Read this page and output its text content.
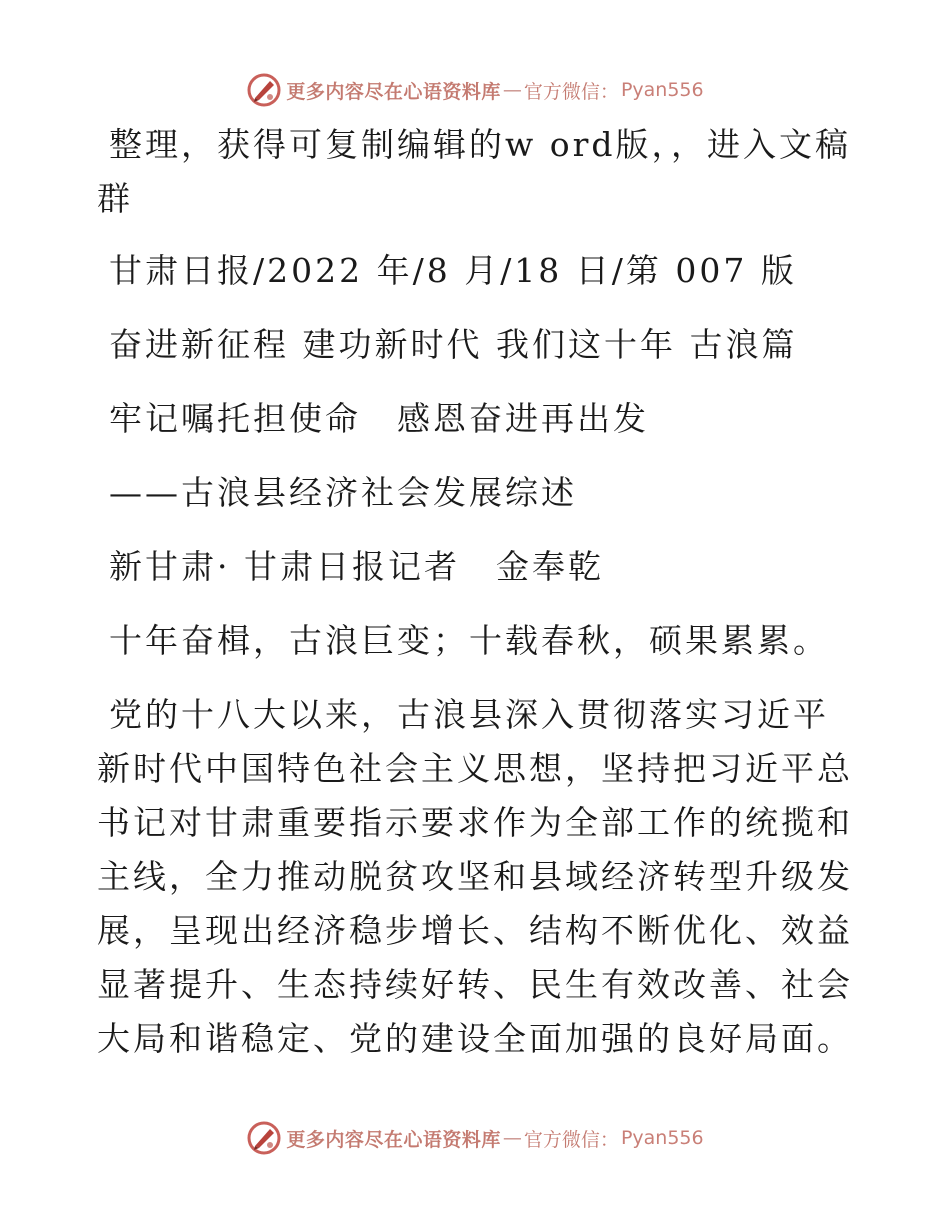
更多内容尽在心语资料库 — 官方微信： Pyan556

整理，获得可复制编辑的w ord版，，进入文稿群

甘肃日报/2022 年/8 月/18 日/第 007 版

奋进新征程 建功新时代 我们这十年 古浪篇

牢记嘱托担使命　感恩奋进再出发

——古浪县经济社会发展综述

新甘肃· 甘肃日报记者　金奉乾

十年奋楫，古浪巨变；十载春秋，硕果累累。

党的十八大以来，古浪县深入贯彻落实习近平新时代中国特色社会主义思想，坚持把习近平总书记对甘肃重要指示要求作为全部工作的统揽和主线，全力推动脱贫攻坚和县域经济转型升级发展，呈现出经济稳步增长、结构不断优化、效益显著提升、生态持续好转、民生有效改善、社会大局和谐稳定、党的建设全面加强的良好局面。

更多内容尽在心语资料库 — 官方微信： Pyan556
